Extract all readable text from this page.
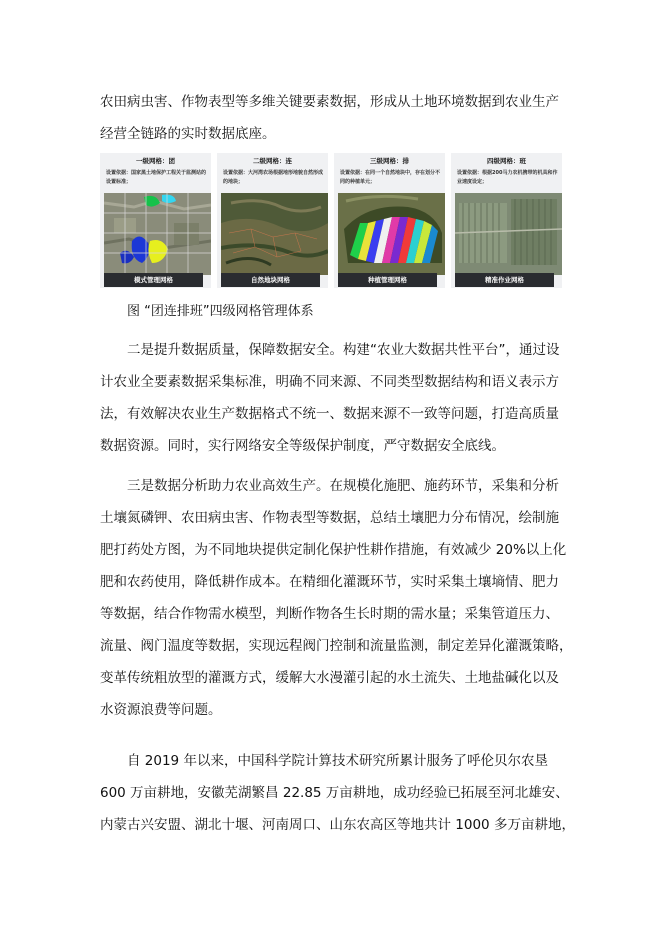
农田病虫害、作物表型等多维关键要素数据，形成从土地环境数据到农业生产
经营全链路的实时数据底座。
一级网格：团
设置依据：国家黑土地保护工程关于监测站的设置标准；
模式管理网格
二级网格：连
设置依据：大河湾农场根据地形地貌自然形成的地块；
自然地块网格
三级网格：排
设置依据：在同一个自然地块中，存在划分不同的种植单元；
种植管理网格
四级网格：班
设置依据：根据200马力农机携带的机具和作业速度设定；
精准作业网格

图 “团连排班”四级网格管理体系

二是提升数据质量，保障数据安全。构建“农业大数据共性平台”，通过设
计农业全要素数据采集标准，明确不同来源、不同类型数据结构和语义表示方
法，有效解决农业生产数据格式不统一、数据来源不一致等问题，打造高质量
数据资源。同时，实行网络安全等级保护制度，严守数据安全底线。
三是数据分析助力农业高效生产。在规模化施肥、施药环节，采集和分析
土壤氮磷钾、农田病虫害、作物表型等数据，总结土壤肥力分布情况，绘制施
肥打药处方图，为不同地块提供定制化保护性耕作措施，有效减少 20%以上化
肥和农药使用，降低耕作成本。在精细化灌溉环节，实时采集土壤墒情、肥力
等数据，结合作物需水模型，判断作物各生长时期的需水量；采集管道压力、
流量、阀门温度等数据，实现远程阀门控制和流量监测，制定差异化灌溉策略，
变革传统粗放型的灌溉方式，缓解大水漫灌引起的水土流失、土地盐碱化以及
水资源浪费等问题。
自 2019 年以来，中国科学院计算技术研究所累计服务了呼伦贝尔农垦
600 万亩耕地，安徽芜湖繁昌 22.85 万亩耕地，成功经验已拓展至河北雄安、
内蒙古兴安盟、湖北十堰、河南周口、山东农高区等地共计 1000 多万亩耕地，
